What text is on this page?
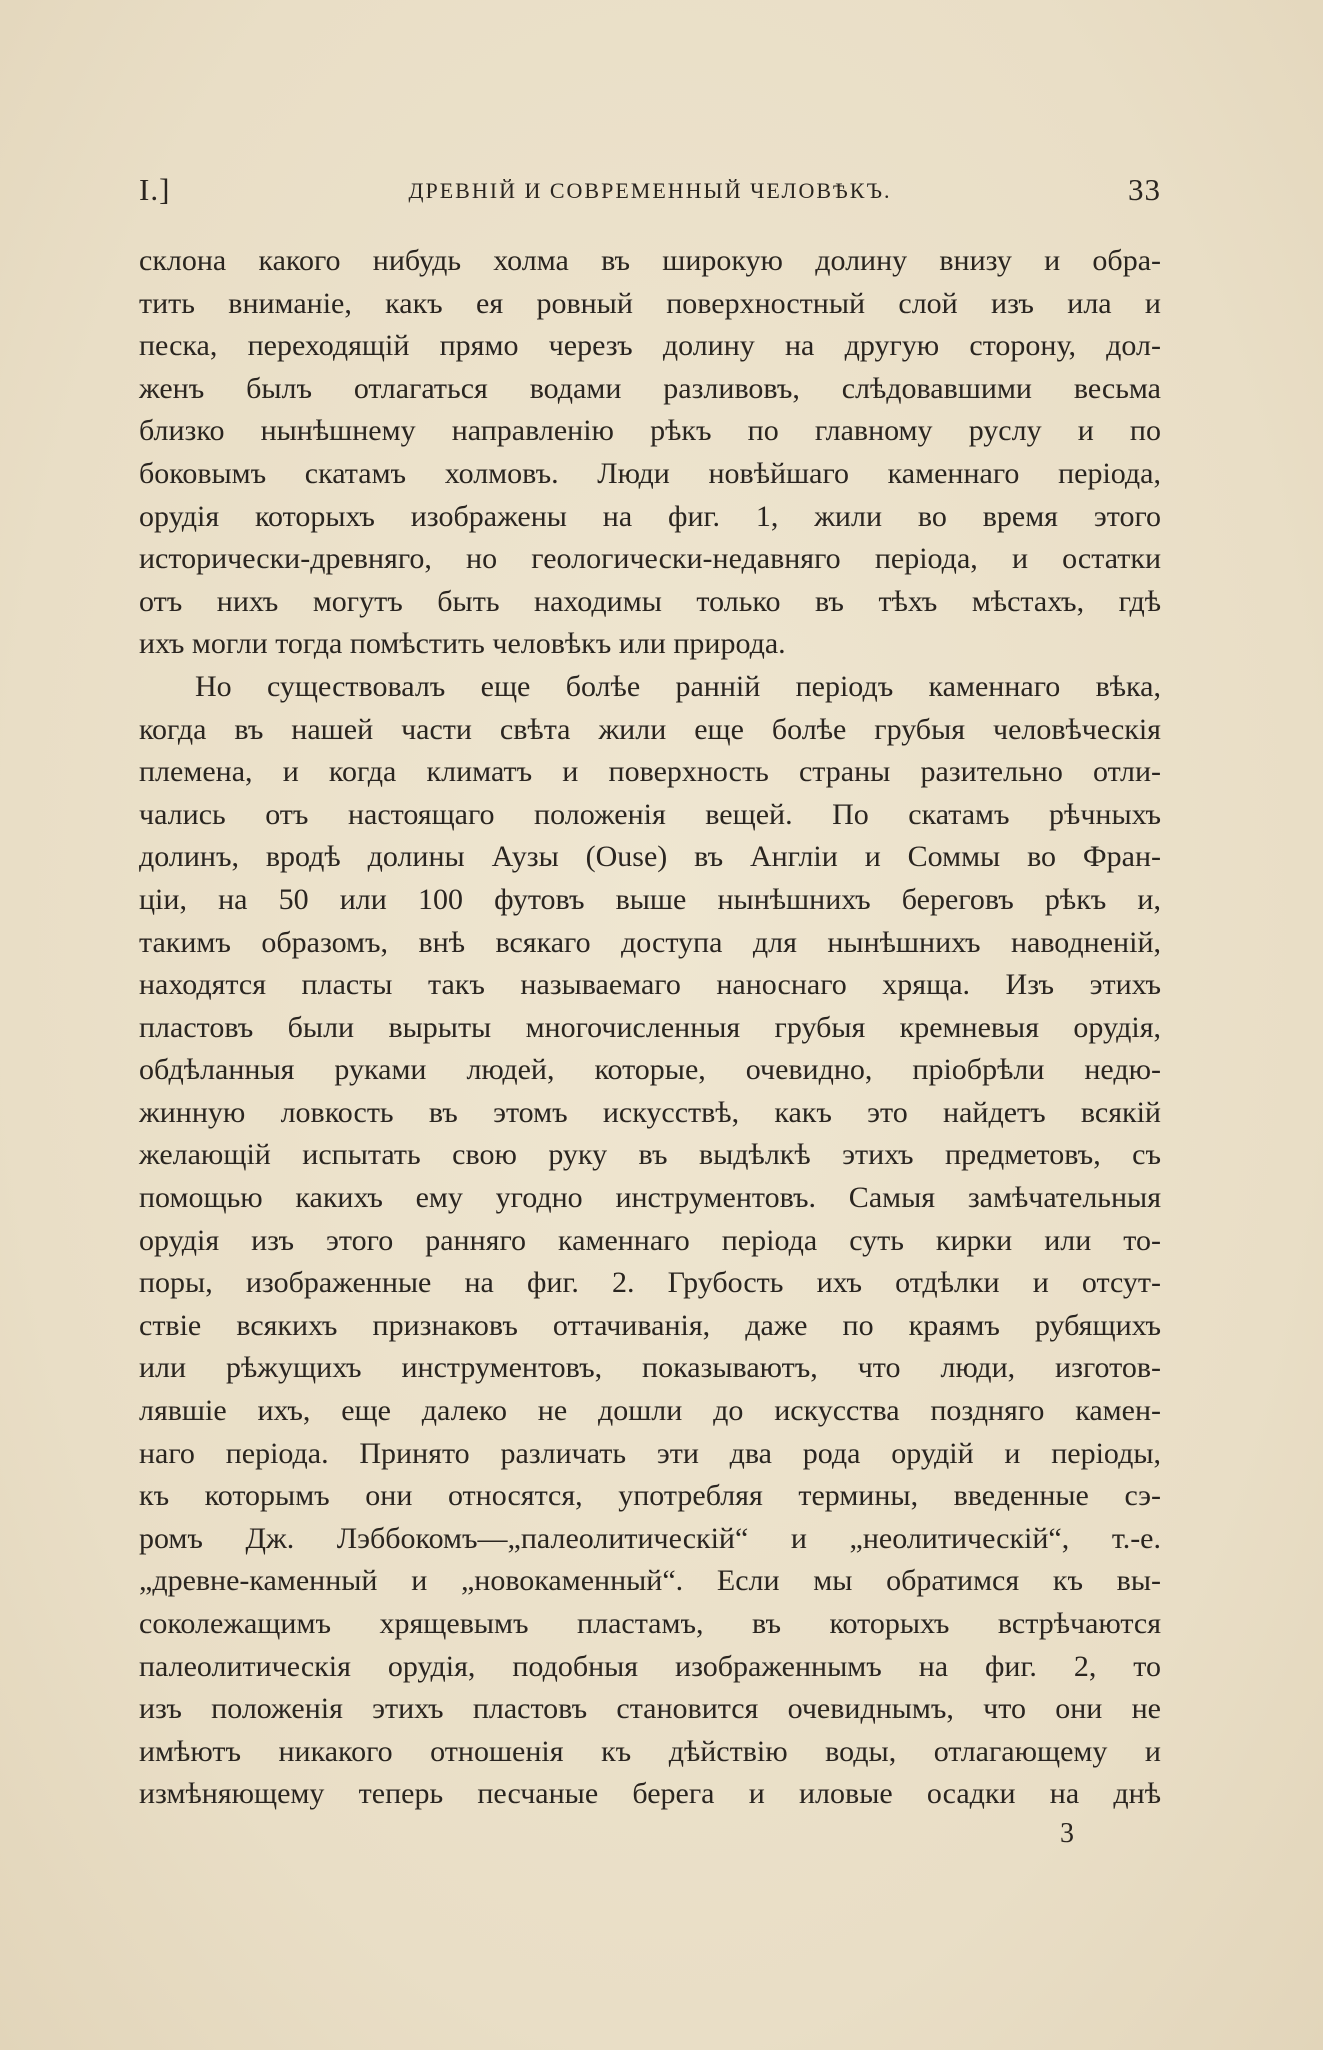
I.]	ДРЕВНІЙ И СОВРЕМЕННЫЙ ЧЕЛОВѢКЪ.	33
склона какого нибудь холма въ широкую долину внизу и обра-
тить вниманіе, какъ ея ровный поверхностный слой изъ ила и
песка, переходящій прямо черезъ долину на другую сторону, дол-
женъ былъ отлагаться водами разливовъ, слѣдовавшими весьма
близко нынѣшнему направленію рѣкъ по главному руслу и по
боковымъ скатамъ холмовъ. Люди новѣйшаго каменнаго періода,
орудія которыхъ изображены на фиг. 1, жили во время этого
исторически-древняго, но геологически-недавняго періода, и остатки
отъ нихъ могутъ быть находимы только въ тѣхъ мѣстахъ, гдѣ
ихъ могли тогда помѣстить человѣкъ или природа.
Но существовалъ еще болѣе ранній періодъ каменнаго вѣка,
когда въ нашей части свѣта жили еще болѣе грубыя человѣческія
племена, и когда климатъ и поверхность страны разительно отли-
чались отъ настоящаго положенія вещей. По скатамъ рѣчныхъ
долинъ, вродѣ долины Аузы (Ouse) въ Англіи и Соммы во Фран-
ціи, на 50 или 100 футовъ выше нынѣшнихъ береговъ рѣкъ и,
такимъ образомъ, внѣ всякаго доступа для нынѣшнихъ наводненій,
находятся пласты такъ называемаго наноснаго хряща. Изъ этихъ
пластовъ были вырыты многочисленныя грубыя кремневыя орудія,
обдѣланныя руками людей, которые, очевидно, пріобрѣли недю-
жинную ловкость въ этомъ искусствѣ, какъ это найдетъ всякій
желающій испытать свою руку въ выдѣлкѣ этихъ предметовъ, съ
помощью какихъ ему угодно инструментовъ. Самыя замѣчательныя
орудія изъ этого ранняго каменнаго періода суть кирки или то-
поры, изображенные на фиг. 2. Грубость ихъ отдѣлки и отсут-
ствіе всякихъ признаковъ оттачиванія, даже по краямъ рубящихъ
или рѣжущихъ инструментовъ, показываютъ, что люди, изготов-
лявшіе ихъ, еще далеко не дошли до искусства поздняго камен-
наго періода. Принято различать эти два рода орудій и періоды,
къ которымъ они относятся, употребляя термины, введенные сэ-
ромъ Дж. Лэббокомъ—„палеолитическій“ и „неолитическій“, т.-е.
„древне-каменный и „новокаменный“. Если мы обратимся къ вы-
соколежащимъ хрящевымъ пластамъ, въ которыхъ встрѣчаются
палеолитическія орудія, подобныя изображеннымъ на фиг. 2, то
изъ положенія этихъ пластовъ становится очевиднымъ, что они не
имѣютъ никакого отношенія къ дѣйствію воды, отлагающему и
измѣняющему теперь песчаные берега и иловые осадки на днѣ
3
